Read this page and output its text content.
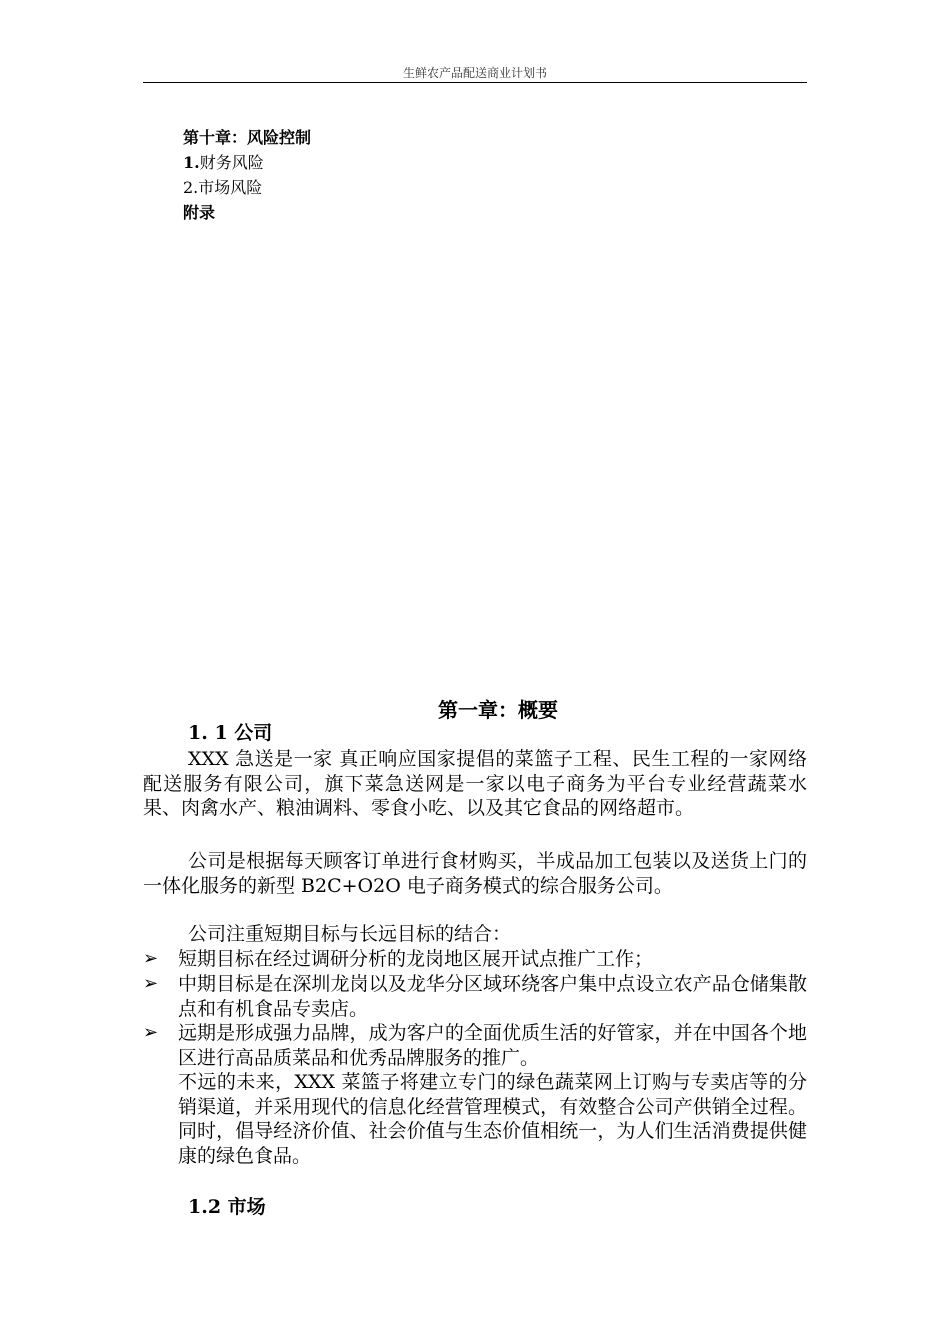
生鲜农产品配送商业计划书
第十章：风险控制
1.财务风险
2.市场风险
附录
第一章：概要
1. 1 公司
XXX 急送是一家 真正响应国家提倡的菜篮子工程、民生工程的一家网络配送服务有限公司，旗下菜急送网是一家以电子商务为平台专业经营蔬菜水果、肉禽水产、粮油调料、零食小吃、以及其它食品的网络超市。
公司是根据每天顾客订单进行食材购买，半成品加工包装以及送货上门的一体化服务的新型 B2C+O2O 电子商务模式的综合服务公司。
公司注重短期目标与长远目标的结合：
➢	短期目标在经过调研分析的龙岗地区展开试点推广工作；
➢	中期目标是在深圳龙岗以及龙华分区域环绕客户集中点设立农产品仓储集散点和有机食品专卖店。
➢	远期是形成强力品牌，成为客户的全面优质生活的好管家，并在中国各个地区进行高品质菜品和优秀品牌服务的推广。
不远的未来，XXX 菜篮子将建立专门的绿色蔬菜网上订购与专卖店等的分销渠道，并采用现代的信息化经营管理模式，有效整合公司产供销全过程。同时，倡导经济价值、社会价值与生态价值相统一，为人们生活消费提供健康的绿色食品。
1.2 市场
